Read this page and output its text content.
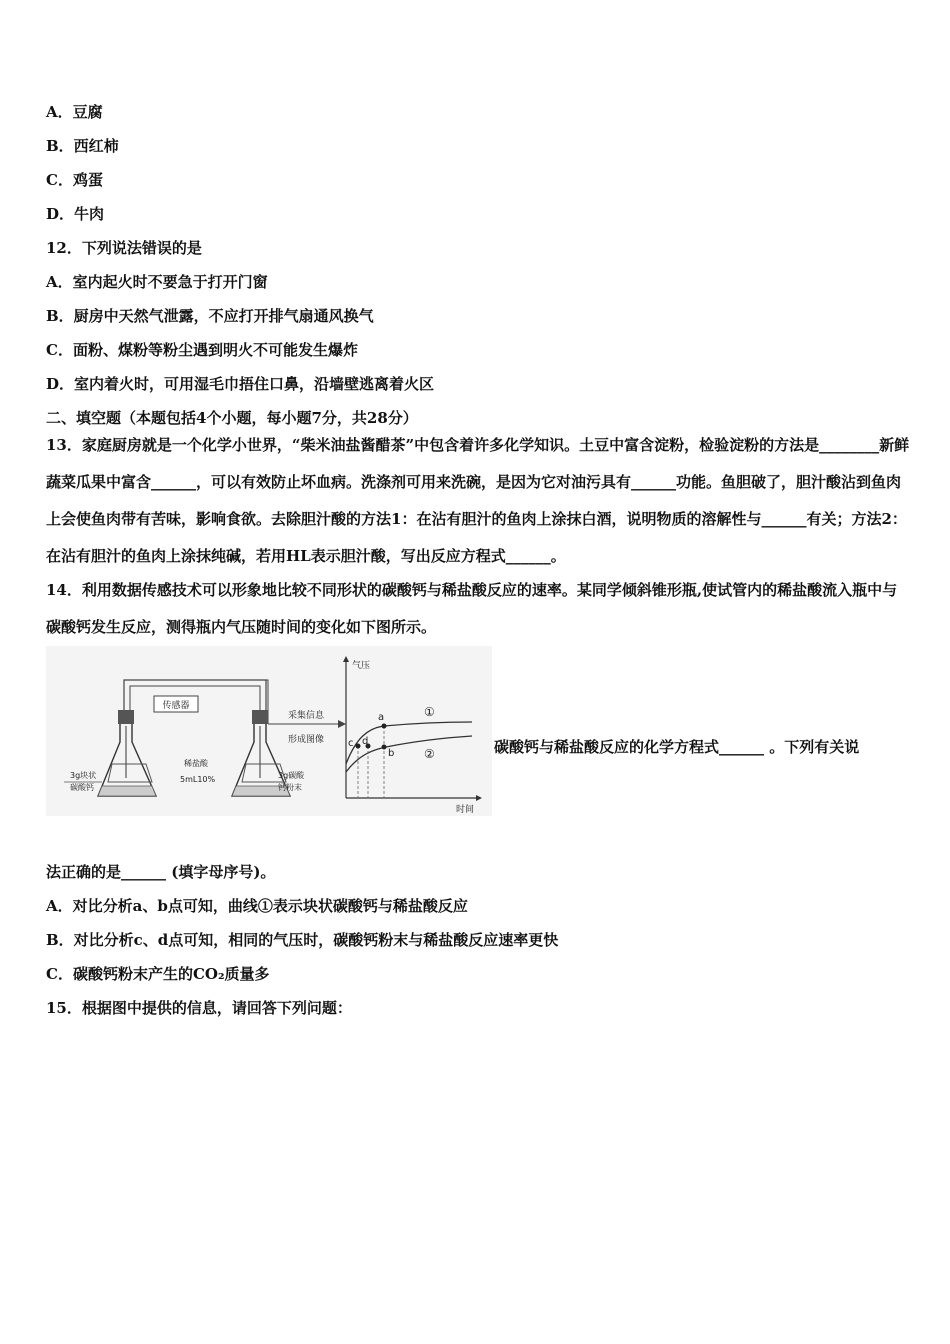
A．豆腐
B．西红柿
C．鸡蛋
D．牛肉
12．下列说法错误的是
A．室内起火时不要急于打开门窗
B．厨房中天然气泄露，不应打开排气扇通风换气
C．面粉、煤粉等粉尘遇到明火不可能发生爆炸
D．室内着火时，可用湿毛巾捂住口鼻，沿墙壁逃离着火区
二、填空题（本题包括4个小题，每小题7分，共28分）
13．家庭厨房就是一个化学小世界，“柴米油盐酱醋茶”中包含着许多化学知识。土豆中富含淀粉，检验淀粉的方法是________新鲜蔬菜瓜果中富含______，可以有效防止坏血病。洗涤剂可用来洗碗，是因为它对油污具有______功能。鱼胆破了，胆汁酸沾到鱼肉上会使鱼肉带有苦味，影响食欲。去除胆汁酸的方法1：在沾有胆汁的鱼肉上涂抹白酒，说明物质的溶解性与______有关；方法2：在沾有胆汁的鱼肉上涂抹纯碱，若用HL表示胆汁酸，写出反应方程式______。
14．利用数据传感技术可以形象地比较不同形状的碳酸钙与稀盐酸反应的速率。某同学倾斜锥形瓶,使试管内的稀盐酸流入瓶中与碳酸钙发生反应，测得瓶内气压随时间的变化如下图所示。
传感器
采集信息
形成图像
3g块状
碳酸钙
稀盐酸
5mL10%	3g碳酸
钙粉末
气压
时间
a
b
c d
①
②	碳酸钙与稀盐酸反应的化学方程式______ 。下列有关说
法正确的是______ (填字母序号)。
A．对比分析a、b点可知，曲线①表示块状碳酸钙与稀盐酸反应
B．对比分析c、d点可知，相同的气压时，碳酸钙粉末与稀盐酸反应速率更快
C．碳酸钙粉末产生的CO₂质量多
15．根据图中提供的信息，请回答下列问题：
